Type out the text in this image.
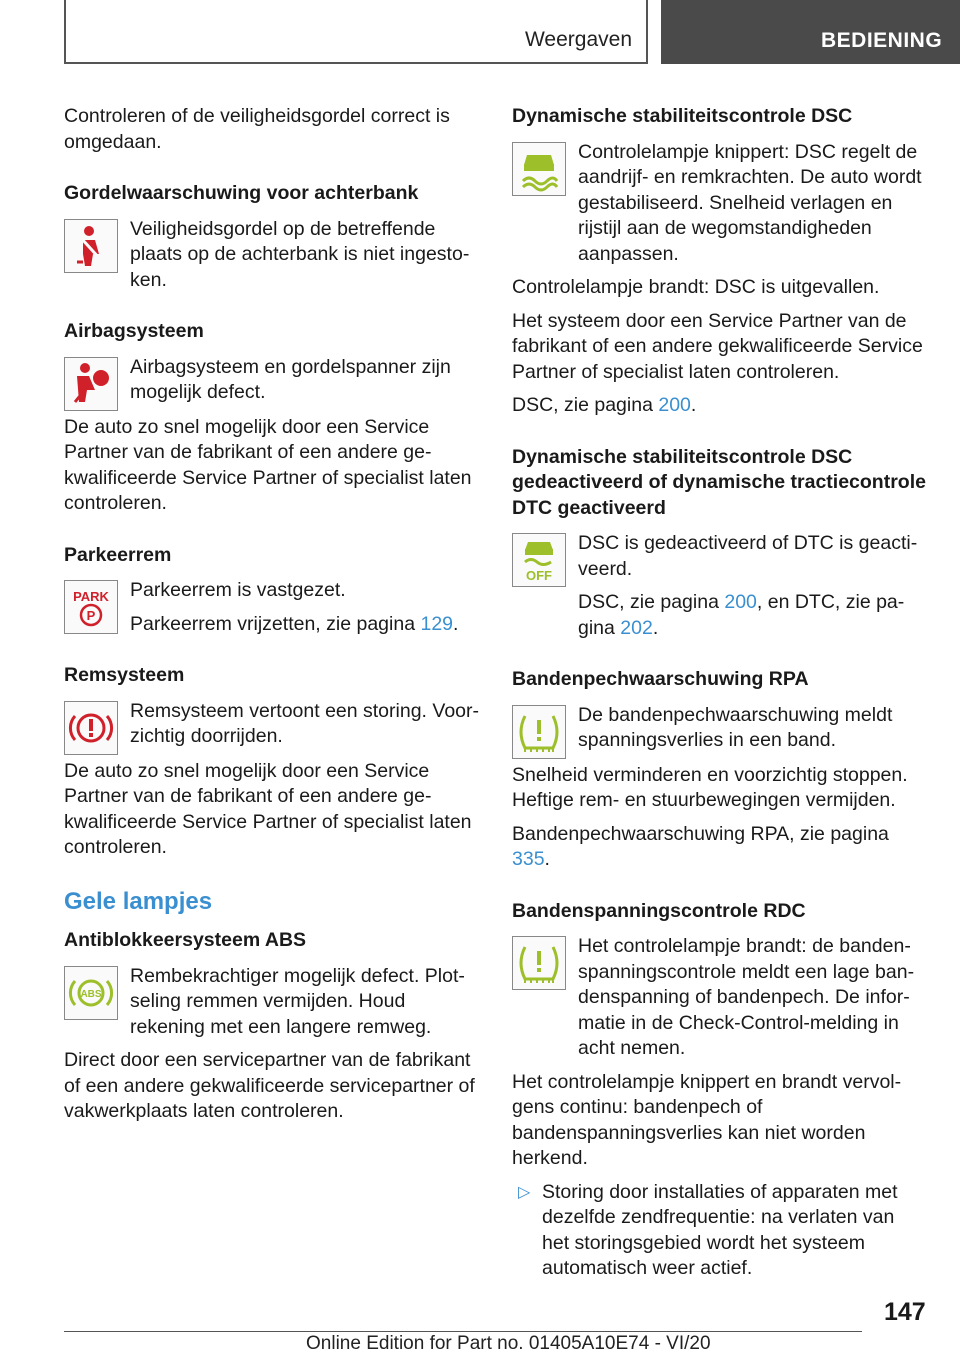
Weergaven	BEDIENING

Controleren of de veiligheidsgordel correct is omgedaan.

Gordelwaarschuwing voor achterbank
Veiligheidsgordel op de betreffende plaats op de achterbank is niet ingestoken.
Airbagsysteem

Airbagsysteem en gordelspanner zijn mogelijk defect.

De auto zo snel mogelijk door een Service Partner van de fabrikant of een andere gekwalificeerde Service Partner of specialist laten controleren.

Parkeerrem
PARK
P

Parkeerrem is vastgezet.

Parkeerrem vrijzetten, zie pagina 129.

Remsysteem

Remsysteem vertoont een storing. Voorzichtig doorrijden.

De auto zo snel mogelijk door een Service Partner van de fabrikant of een andere gekwalificeerde Service Partner of specialist laten controleren.

Gele lampjes
Antiblokkeersysteem ABS
ABS

Rembekrachtiger mogelijk defect. Plotseling remmen vermijden. Houd rekening met een langere remweg.

Direct door een servicepartner van de fabrikant of een andere gekwalificeerde servicepartner of vakwerkplaats laten controleren.

Dynamische stabiliteitscontrole DSC

Controlelampje knippert: DSC regelt de aandrijf- en remkrachten. De auto wordt gestabiliseerd. Snelheid verlagen en rijstijl aan de wegomstandigheden aanpassen.

Controlelampje brandt: DSC is uitgevallen.

Het systeem door een Service Partner van de fabrikant of een andere gekwalificeerde Service Partner of specialist laten controleren.

DSC, zie pagina 200.

Dynamische stabiliteitscontrole DSC gedeactiveerd of dynamische tractiecontrole DTC geactiveerd
OFF

DSC is gedeactiveerd of DTC is geactiveerd.

DSC, zie pagina 200, en DTC, zie pagina 202.

Bandenpechwaarschuwing RPA

De bandenpechwaarschuwing meldt spanningsverlies in een band.

Snelheid verminderen en voorzichtig stoppen. Heftige rem- en stuurbewegingen vermijden.

Bandenpechwaarschuwing RPA, zie pagina 335.

Bandenspanningscontrole RDC

Het controlelampje brandt: de bandenspanningscontrole meldt een lage bandenspanning of bandenpech. De informatie in de Check-Control-melding in acht nemen.

Het controlelampje knippert en brandt vervolgens continu: bandenpech of bandenspanningsverlies kan niet worden herkend.

▷ Storing door installaties of apparaten met dezelfde zendfrequentie: na verlaten van het storingsgebied wordt het systeem automatisch weer actief.

147
Online Edition for Part no. 01405A10E74 - VI/20
